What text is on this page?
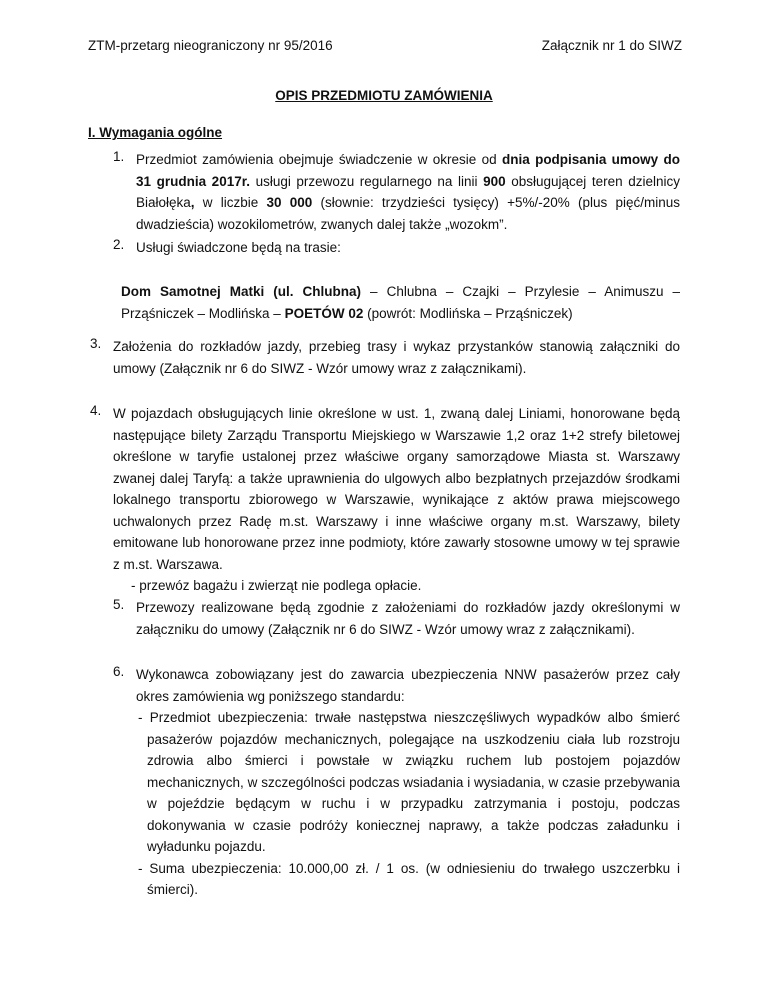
ZTM-przetarg nieograniczony nr 95/2016	Załącznik nr 1 do SIWZ
OPIS PRZEDMIOTU ZAMÓWIENIA
I. Wymagania ogólne
1. Przedmiot zamówienia obejmuje świadczenie w okresie od dnia podpisania umowy do 31 grudnia 2017r. usługi przewozu regularnego na linii 900 obsługującej teren dzielnicy Białołęka, w liczbie 30 000 (słownie: trzydzieści tysięcy) +5%/-20% (plus pięć/minus dwadzieścia) wozokilometrów, zwanych dalej także „wozokm”.
2. Usługi świadczone będą na trasie:
Dom Samotnej Matki (ul. Chlubna) – Chlubna – Czajki – Przylesie – Animuszu – Prząśniczek – Modlińska – POETÓW 02 (powrót: Modlińska – Prząśniczek)
3. Założenia do rozkładów jazdy, przebieg trasy i wykaz przystanków stanowią załączniki do umowy (Załącznik nr 6 do SIWZ - Wzór umowy wraz z załącznikami).
4. W pojazdach obsługujących linie określone w ust. 1, zwaną dalej Liniami, honorowane będą następujące bilety Zarządu Transportu Miejskiego w Warszawie 1,2 oraz 1+2 strefy biletowej określone w taryfie ustalonej przez właściwe organy samorządowe Miasta st. Warszawy zwanej dalej Taryfą: a także uprawnienia do ulgowych albo bezpłatnych przejazdów środkami lokalnego transportu zbiorowego w Warszawie, wynikające z aktów prawa miejscowego uchwalonych przez Radę m.st. Warszawy i inne właściwe organy m.st. Warszawy, bilety emitowane lub honorowane przez inne podmioty, które zawarły stosowne umowy w tej sprawie z m.st. Warszawa.
- przewóz bagażu i zwierząt nie podlega opłacie.
5. Przewozy realizowane będą zgodnie z założeniami do rozkładów jazdy określonymi w załączniku do umowy (Załącznik nr 6 do SIWZ - Wzór umowy wraz z załącznikami).
6. Wykonawca zobowiązany jest do zawarcia ubezpieczenia NNW pasażerów przez cały okres zamówienia wg poniższego standardu:
- Przedmiot ubezpieczenia: trwałe następstwa nieszczęśliwych wypadków albo śmierć pasażerów pojazdów mechanicznych, polegające na uszkodzeniu ciała lub rozstroju zdrowia albo śmierci i powstałe w związku ruchem lub postojem pojazdów mechanicznych, w szczególności podczas wsiadania i wysiadania, w czasie przebywania w pojeździe będącym w ruchu i w przypadku zatrzymania i postoju, podczas dokonywania w czasie podróży koniecznej naprawy, a także podczas załadunku i wyładunku pojazdu.
- Suma ubezpieczenia: 10.000,00 zł. / 1 os. (w odniesieniu do trwałego uszczerbku i śmierci).
